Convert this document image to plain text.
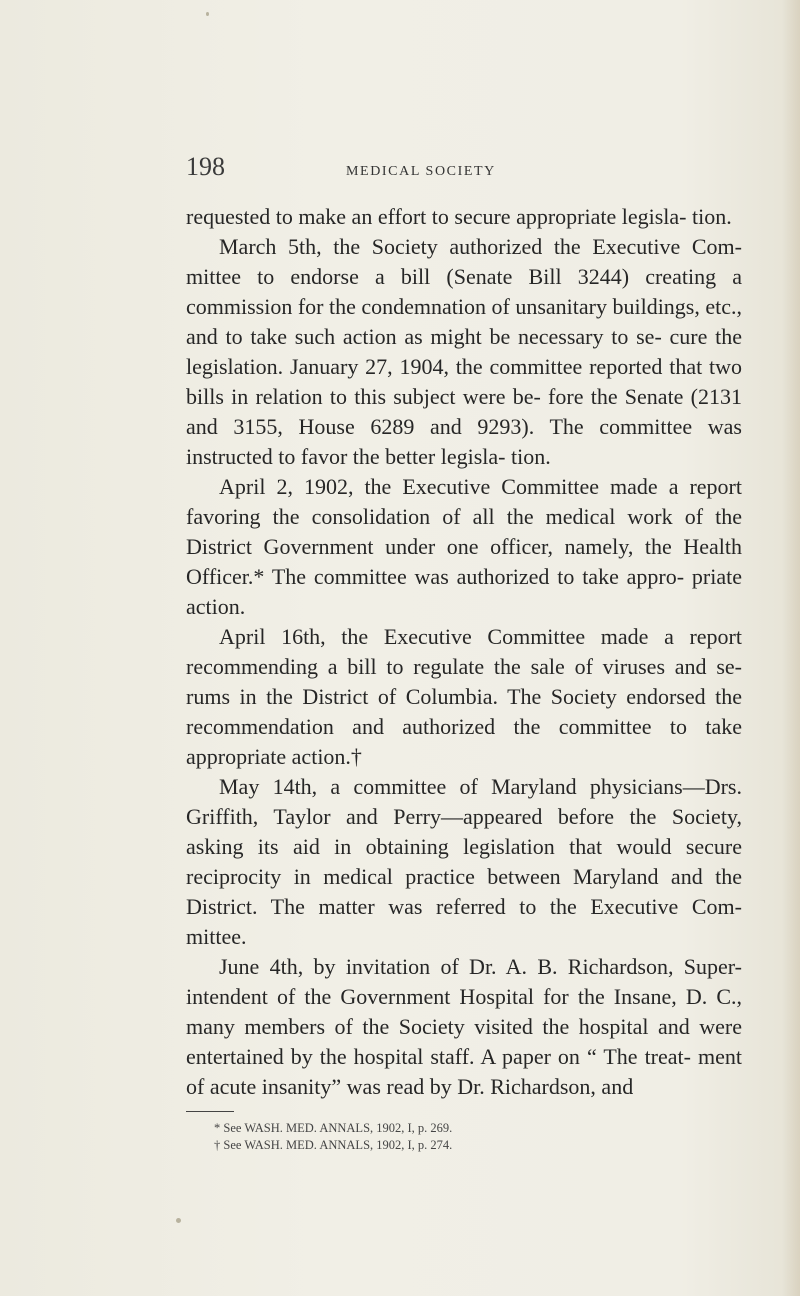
198	MEDICAL SOCIETY

requested to make an effort to secure appropriate legisla- tion.

March 5th, the Society authorized the Executive Com- mittee to endorse a bill (Senate Bill 3244) creating a commission for the condemnation of unsanitary buildings, etc., and to take such action as might be necessary to se- cure the legislation. January 27, 1904, the committee reported that two bills in relation to this subject were be- fore the Senate (2131 and 3155, House 6289 and 9293). The committee was instructed to favor the better legisla- tion.

April 2, 1902, the Executive Committee made a report favoring the consolidation of all the medical work of the District Government under one officer, namely, the Health Officer.* The committee was authorized to take appro- priate action.

April 16th, the Executive Committee made a report recommending a bill to regulate the sale of viruses and se- rums in the District of Columbia. The Society endorsed the recommendation and authorized the committee to take appropriate action.†

May 14th, a committee of Maryland physicians—Drs. Griffith, Taylor and Perry—appeared before the Society, asking its aid in obtaining legislation that would secure reciprocity in medical practice between Maryland and the District. The matter was referred to the Executive Com- mittee.

June 4th, by invitation of Dr. A. B. Richardson, Super- intendent of the Government Hospital for the Insane, D. C., many members of the Society visited the hospital and were entertained by the hospital staff. A paper on “ The treat- ment of acute insanity” was read by Dr. Richardson, and

* See WASH. MED. ANNALS, 1902, I, p. 269.
† See WASH. MED. ANNALS, 1902, I, p. 274.
